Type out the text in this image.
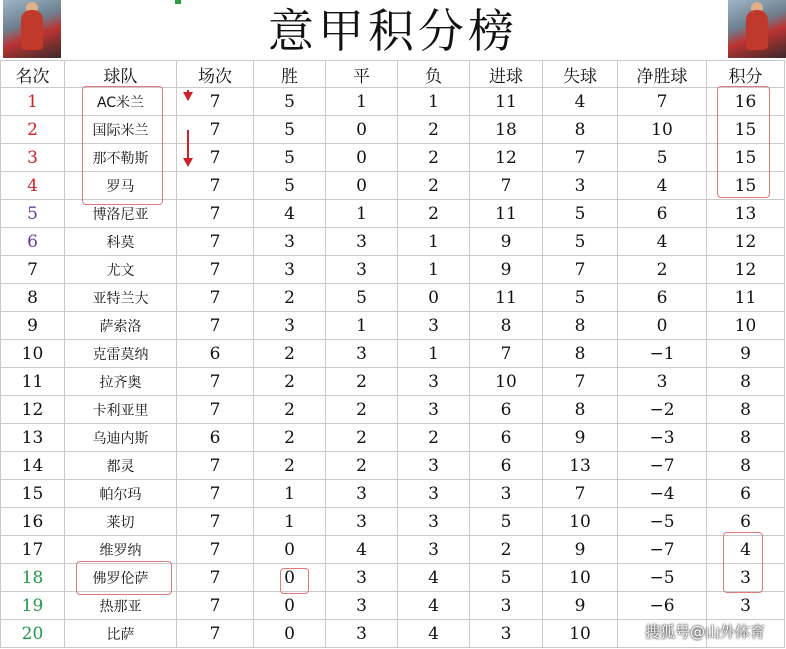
意甲积分榜
名次	球队	场次	胜	平	负	进球	失球	净胜球	积分
1	AC米兰	7	5	1	1	11	4	7	16
2	国际米兰	7	5	0	2	18	8	10	15
3	那不勒斯	7	5	0	2	12	7	5	15
4	罗马	7	5	0	2	7	3	4	15
5	博洛尼亚	7	4	1	2	11	5	6	13
6	科莫	7	3	3	1	9	5	4	12
7	尤文	7	3	3	1	9	7	2	12
8	亚特兰大	7	2	5	0	11	5	6	11
9	萨索洛	7	3	1	3	8	8	0	10
10	克雷莫纳	6	2	3	1	7	8	−1	9
11	拉齐奥	7	2	2	3	10	7	3	8
12	卡利亚里	7	2	2	3	6	8	−2	8
13	乌迪内斯	6	2	2	2	6	9	−3	8
14	都灵	7	2	2	3	6	13	−7	8
15	帕尔玛	7	1	3	3	3	7	−4	6
16	莱切	7	1	3	3	5	10	−5	6
17	维罗纳	7	0	4	3	2	9	−7	4
18	佛罗伦萨	7	0	3	4	5	10	−5	3
19	热那亚	7	0	3	4	3	9	−6	3
20	比萨	7	0	3	4	3	10			搜狐号@山外体育
